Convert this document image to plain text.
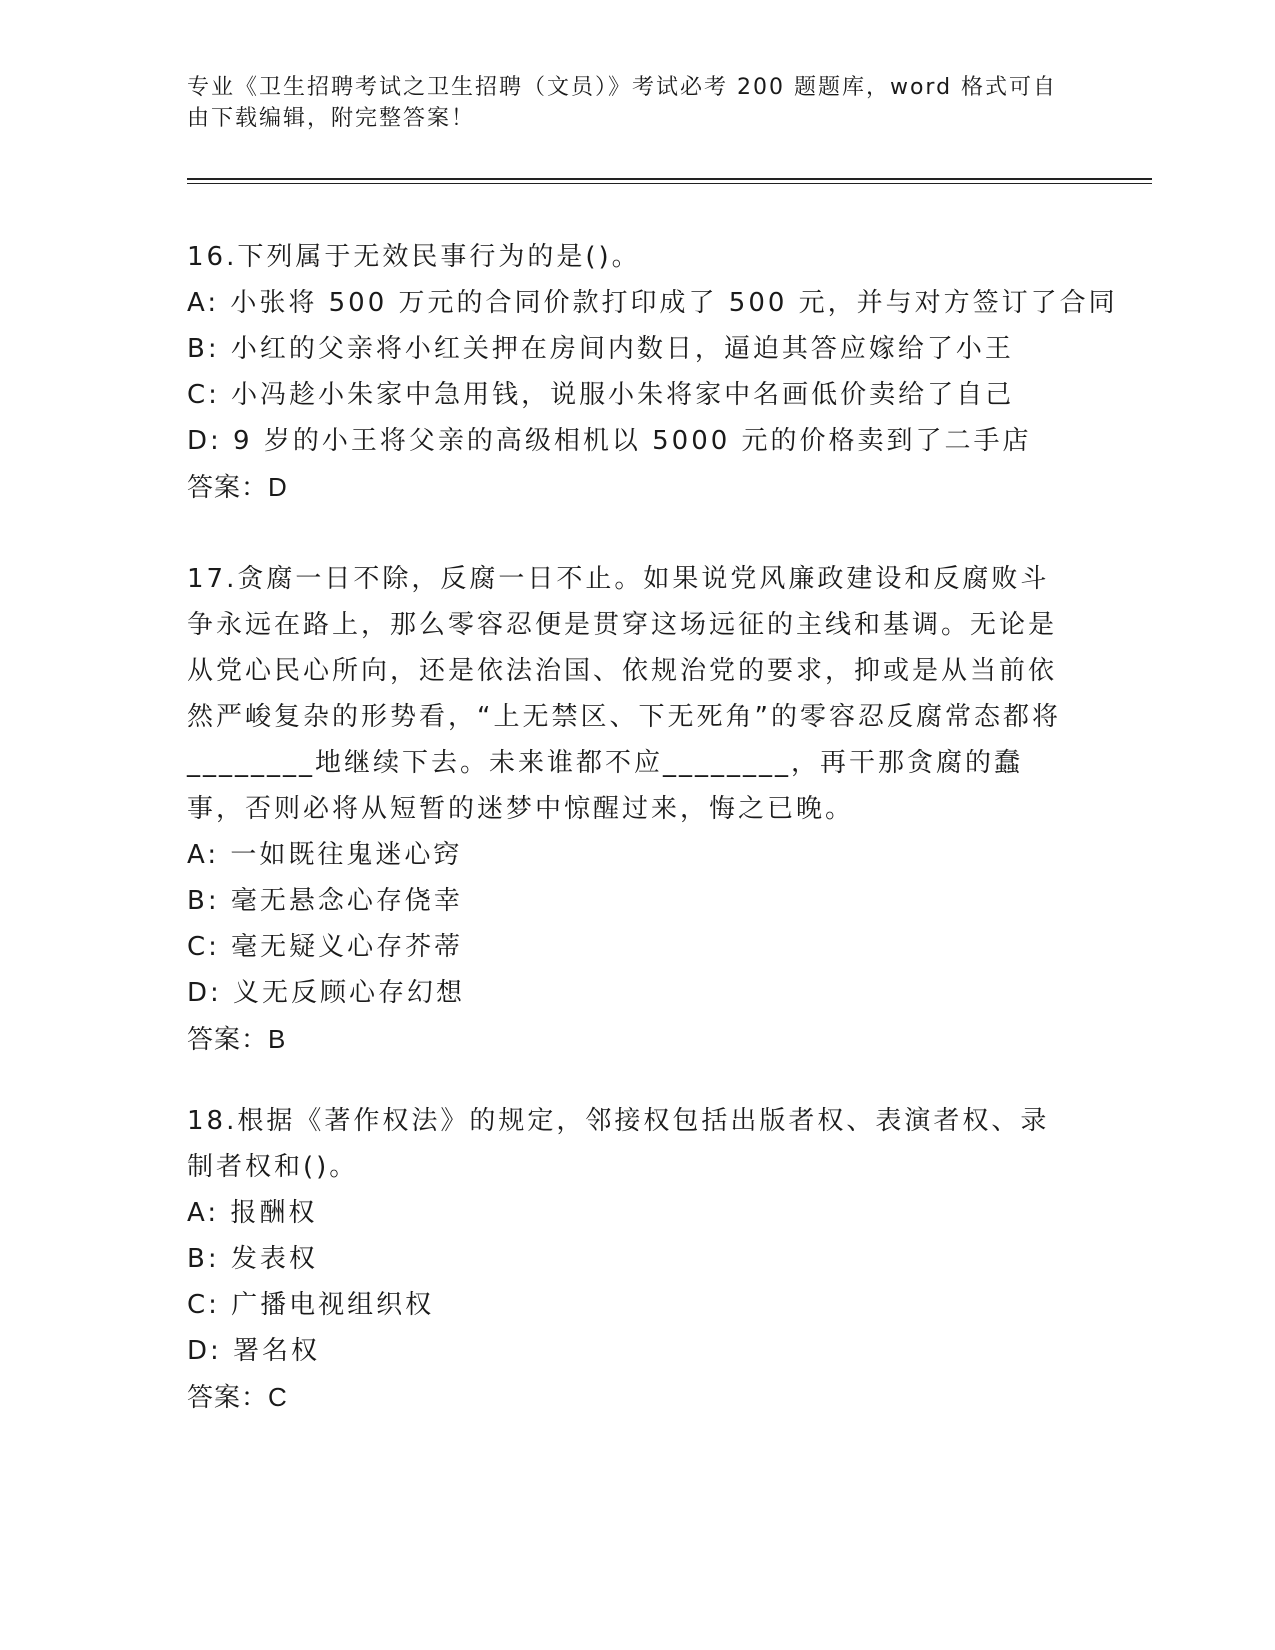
专业《卫生招聘考试之卫生招聘（文员）》考试必考 200 题题库，word 格式可自由下载编辑，附完整答案！

16.下列属于无效民事行为的是()。

A: 小张将 500 万元的合同价款打印成了 500 元，并与对方签订了合同

B: 小红的父亲将小红关押在房间内数日，逼迫其答应嫁给了小王

C: 小冯趁小朱家中急用钱，说服小朱将家中名画低价卖给了自己

D: 9 岁的小王将父亲的高级相机以 5000 元的价格卖到了二手店

答案：D

17.贪腐一日不除，反腐一日不止。如果说党风廉政建设和反腐败斗争永远在路上，那么零容忍便是贯穿这场远征的主线和基调。无论是从党心民心所向，还是依法治国、依规治党的要求，抑或是从当前依然严峻复杂的形势看，“上无禁区、下无死角”的零容忍反腐常态都将________地继续下去。未来谁都不应________，再干那贪腐的蠢事，否则必将从短暂的迷梦中惊醒过来，悔之已晚。

A: 一如既往鬼迷心窍

B: 毫无悬念心存侥幸

C: 毫无疑义心存芥蒂

D: 义无反顾心存幻想

答案：B

18.根据《著作权法》的规定，邻接权包括出版者权、表演者权、录制者权和()。

A: 报酬权

B: 发表权

C: 广播电视组织权

D: 署名权

答案：C
